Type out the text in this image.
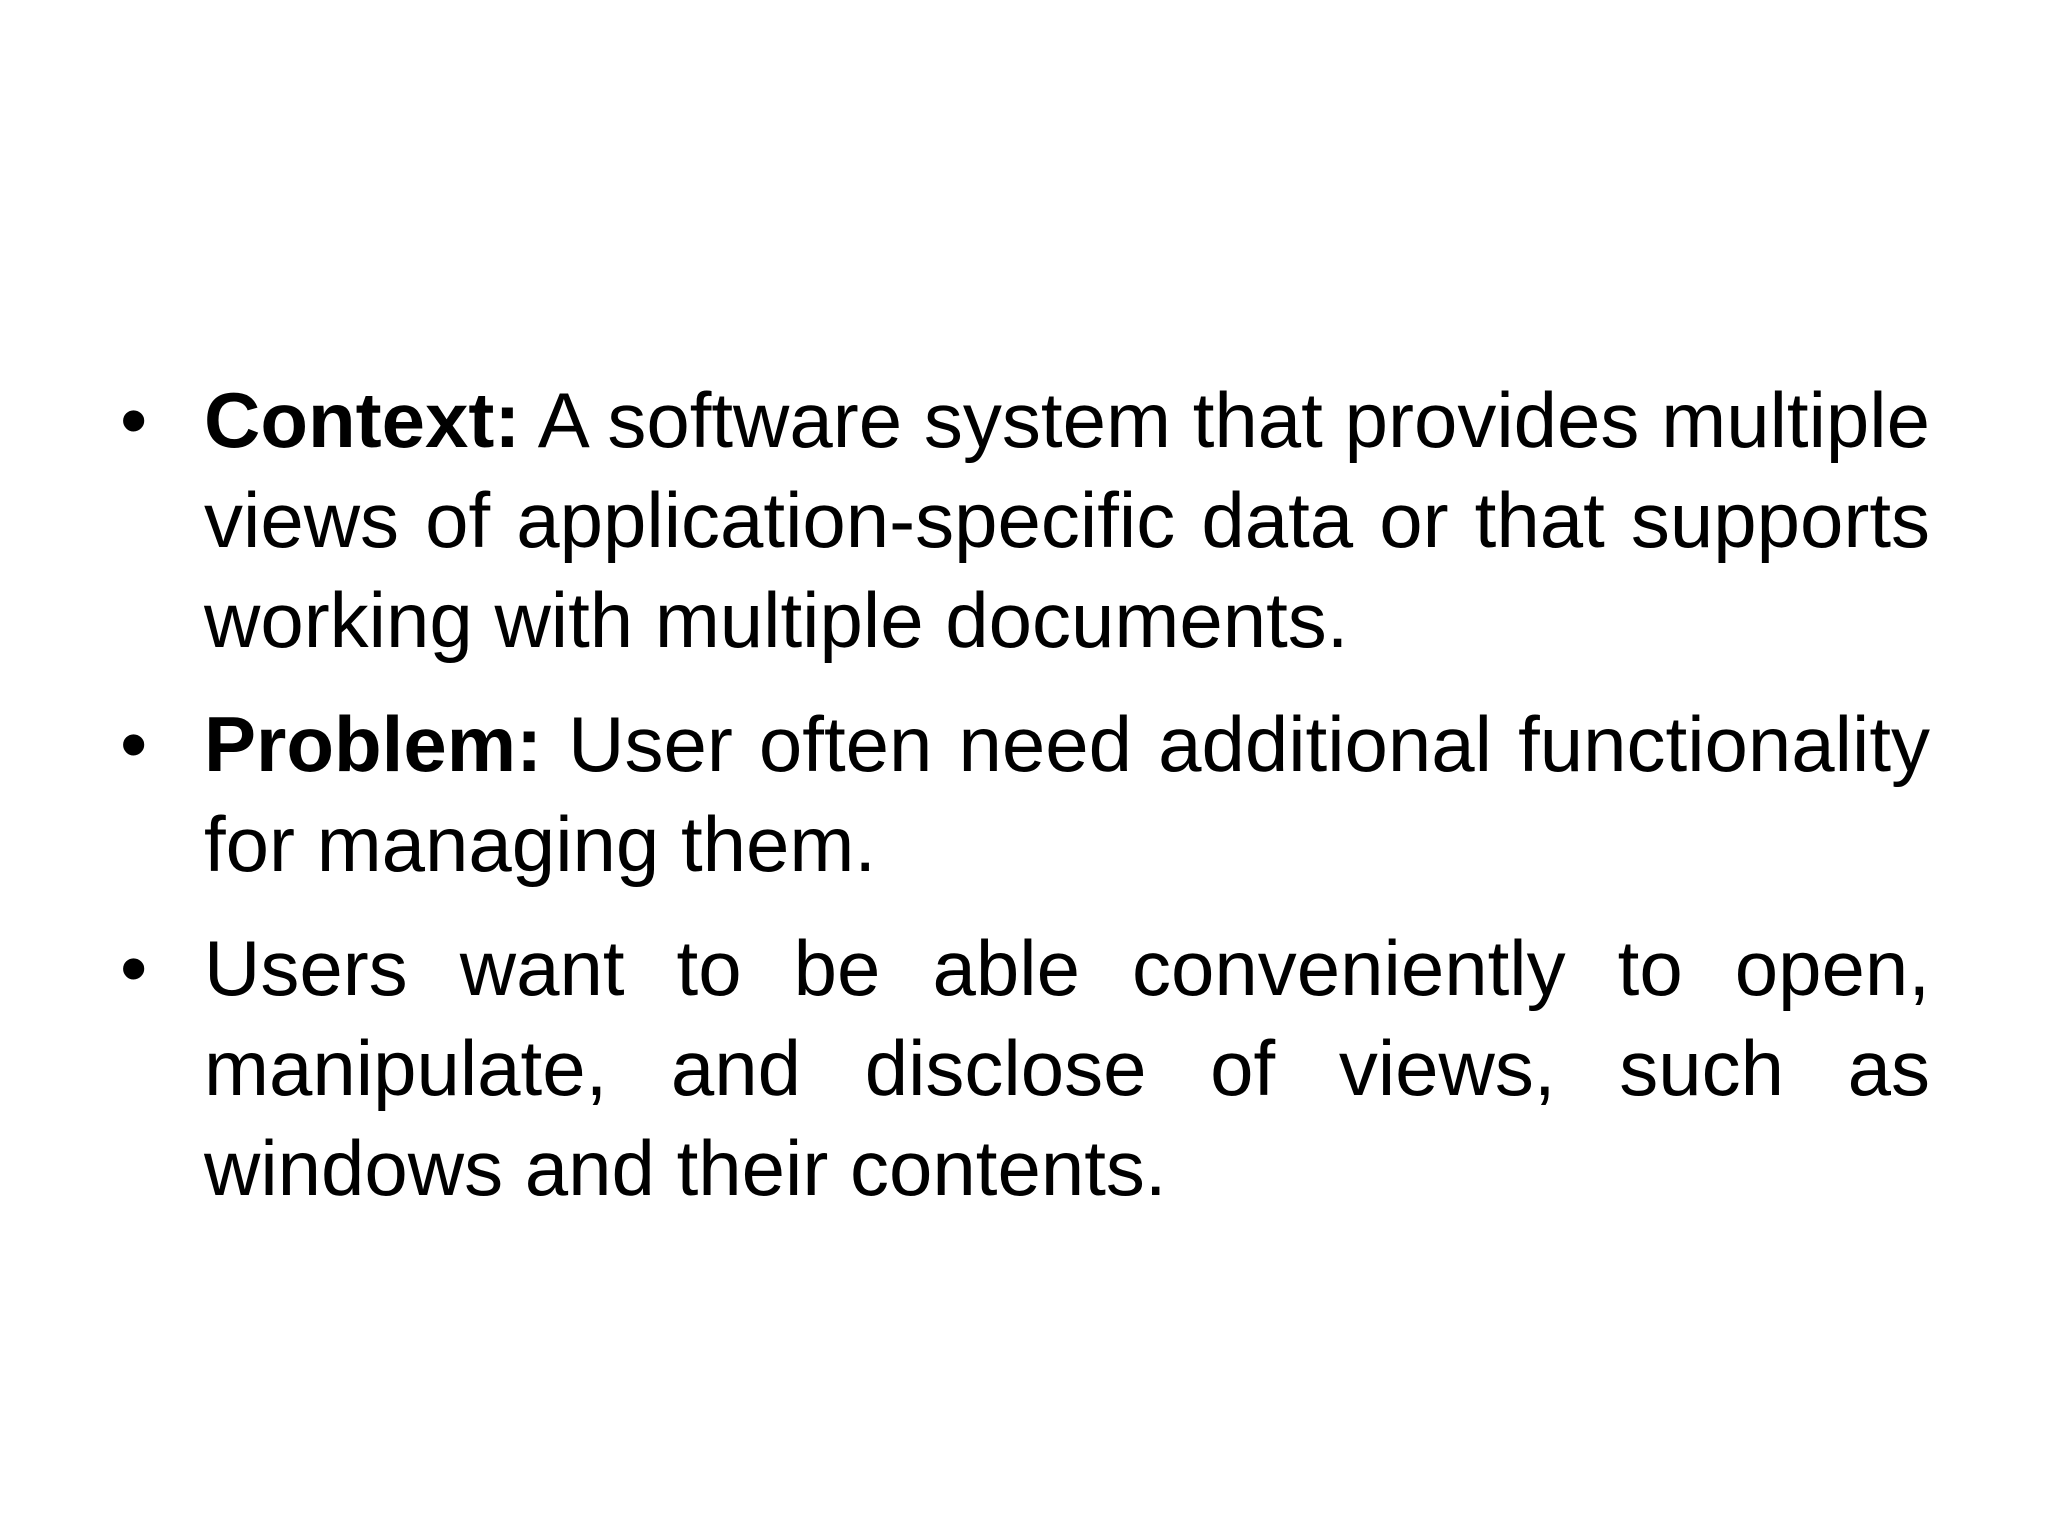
•
Context: A software system that provides multiple views of application-specific data or that supports working with multiple documents.
•
Problem: User often need additional functionality for managing them.
•
Users want to be able conveniently to open, manipulate, and disclose of views, such as windows and their contents.
